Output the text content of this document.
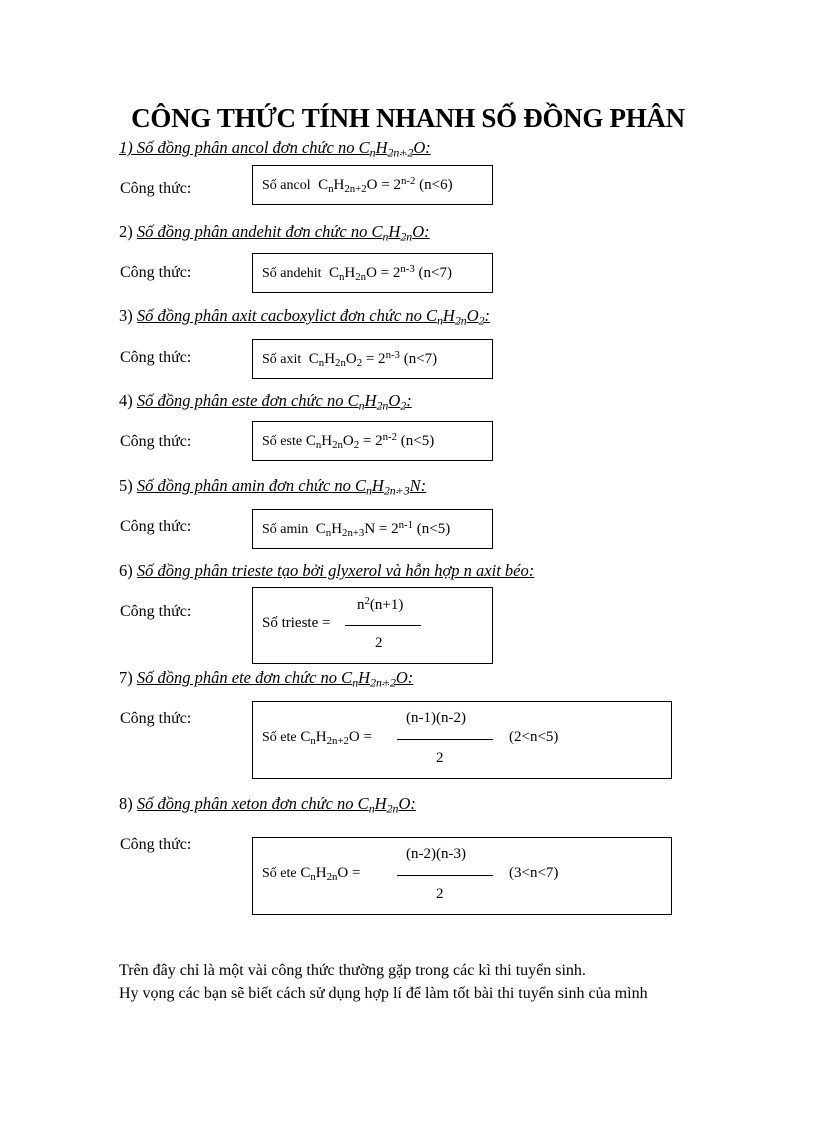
CÔNG THỨC TÍNH NHANH SỐ ĐỒNG PHÂN
1) Số đồng phân ancol đơn chức no $C_nH_{2n+2}O$:
Công thức:	Số ancol $C_nH_{2n+2}O = 2^{n-2}$ (n<6)
2) Số đồng phân andehit đơn chức no $C_nH_{2n}O$:
Công thức:	Số andehit $C_nH_{2n}O = 2^{n-3}$ (n<7)
3) Số đồng phân axit cacboxylict đơn chức no $C_nH_{2n}O_2$:
Công thức:	Số axit $C_nH_{2n}O_2 = 2^{n-3}$ (n<7)
4) Số đồng phân este đơn chức no $C_nH_{2n}O_2$:
Công thức:	Số este $C_nH_{2n}O_2 = 2^{n-2}$ (n<5)
5) Số đồng phân amin đơn chức no $C_nH_{2n+3}N$:
Công thức:	Số amin $C_nH_{2n+3}N = 2^{n-1}$ (n<5)
6) Số đồng phân trieste tạo bởi glyxerol và hỗn hợp n axit béo:
Công thức:
Số trieste =
$n^2(n+1)$
2
7) Số đồng phân ete đơn chức no $C_nH_{2n+2}O$:
Công thức:
Số ete $C_nH_{2n+2}O$ =
(n-1)(n-2)
2
(2<n<5)
8) Số đồng phân xeton đơn chức no $C_nH_{2n}O$:
Công thức:
Số ete $C_nH_{2n}O$ =
(n-2)(n-3)
2
(3<n<7)
Trên đây chỉ là một vài công thức thường gặp trong các kì thi tuyển sinh.
Hy vọng các bạn sẽ biết cách sử dụng hợp lí để làm tốt bài thi tuyển sinh của mình
